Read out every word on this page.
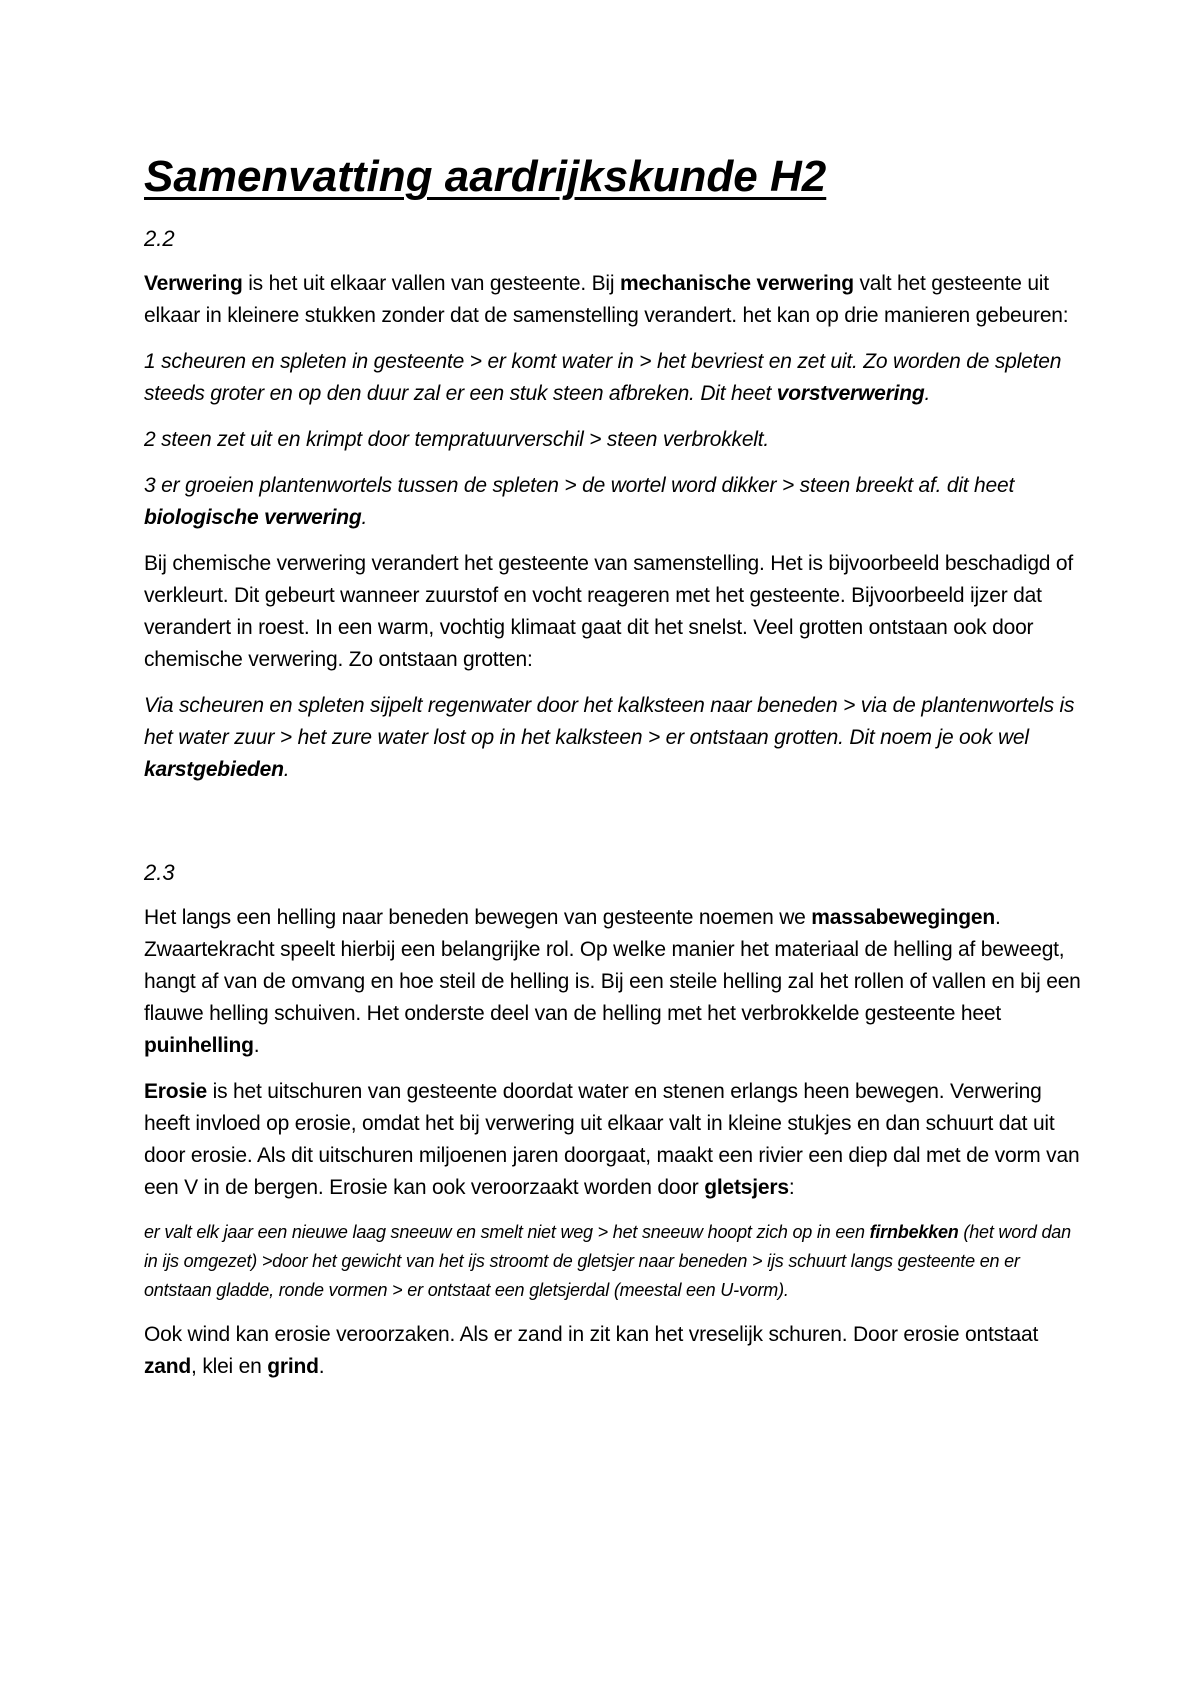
Samenvatting aardrijkskunde H2
2.2

Verwering is het uit elkaar vallen van gesteente. Bij mechanische verwering valt het gesteente uit elkaar in kleinere stukken zonder dat de samenstelling verandert. het kan op drie manieren gebeuren:

1 scheuren en spleten in gesteente > er komt water in > het bevriest en zet uit. Zo worden de spleten steeds groter en op den duur zal er een stuk steen afbreken. Dit heet vorstverwering.

2 steen zet uit en krimpt door tempratuurverschil > steen verbrokkelt.

3 er groeien plantenwortels tussen de spleten > de wortel word dikker > steen breekt af. dit heet biologische verwering.

Bij chemische verwering verandert het gesteente van samenstelling. Het is bijvoorbeeld beschadigd of verkleurt. Dit gebeurt wanneer zuurstof en vocht reageren met het gesteente. Bijvoorbeeld ijzer dat verandert in roest. In een warm, vochtig klimaat gaat dit het snelst. Veel grotten ontstaan ook door chemische verwering. Zo ontstaan grotten:

Via scheuren en spleten sijpelt regenwater door het kalksteen naar beneden > via de plantenwortels is het water zuur > het zure water lost op in het kalksteen > er ontstaan grotten. Dit noem je ook wel karstgebieden.

2.3

Het langs een helling naar beneden bewegen van gesteente noemen we massabewegingen. Zwaartekracht speelt hierbij een belangrijke rol. Op welke manier het materiaal de helling af beweegt, hangt af van de omvang en hoe steil de helling is. Bij een steile helling zal het rollen of vallen en bij een flauwe helling schuiven. Het onderste deel van de helling met het verbrokkelde gesteente heet puinhelling.

Erosie is het uitschuren van gesteente doordat water en stenen erlangs heen bewegen. Verwering heeft invloed op erosie, omdat het bij verwering uit elkaar valt in kleine stukjes en dan schuurt dat uit door erosie. Als dit uitschuren miljoenen jaren doorgaat, maakt een rivier een diep dal met de vorm van een V in de bergen. Erosie kan ook veroorzaakt worden door gletsjers:

er valt elk jaar een nieuwe laag sneeuw en smelt niet weg > het sneeuw hoopt zich op in een firnbekken (het word dan in ijs omgezet) >door het gewicht van het ijs stroomt de gletsjer naar beneden > ijs schuurt langs gesteente en er ontstaan gladde, ronde vormen > er ontstaat een gletsjerdal (meestal een U-vorm).

Ook wind kan erosie veroorzaken. Als er zand in zit kan het vreselijk schuren. Door erosie ontstaat zand, klei en grind.
